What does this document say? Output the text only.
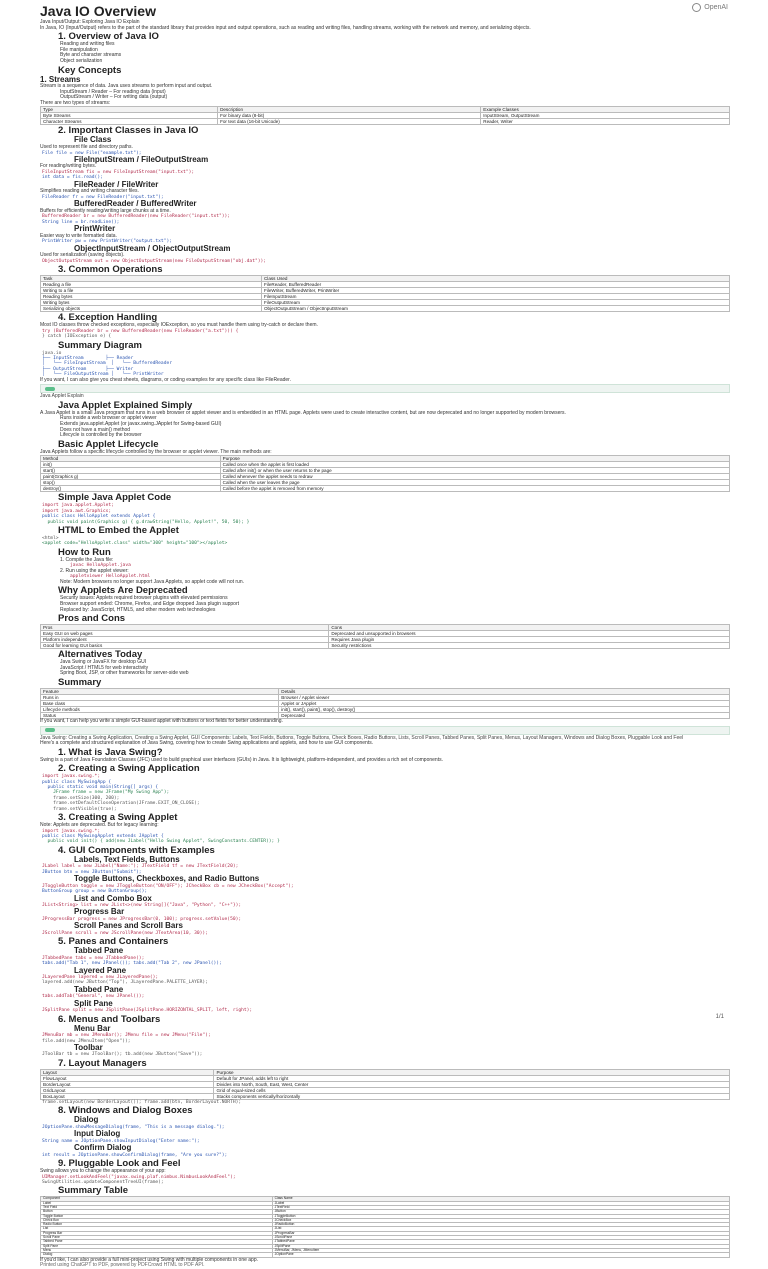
OpenAI
Java IO Overview

Java Input/Output: Exploring Java IO Explain

In Java, IO (Input/Output) refers to the part of the standard library that provides input and output operations, such as reading and writing files, handling streams, working with the network and memory, and serializing objects.

1. Overview of Java IO
Reading and writing files
File manipulation
Byte and character streams
Object serialization
Key Concepts
1. Streams

Stream is a sequence of data. Java uses streams to perform input and output.

InputStream / Reader – For reading data (input)
OutputStream / Writer – For writing data (output)

There are two types of streams:

Type	Description	Example Classes
Byte Streams	For binary data (8-bit)	InputStream, OutputStream
Character Streams	For text data (16-bit Unicode)	Reader, Writer
2. Important Classes in Java IO
File Class

Used to represent file and directory paths.

File file = new File("example.txt");
FileInputStream / FileOutputStream

For reading/writing bytes.

FileInputStream fis = new FileInputStream("input.txt");
int data = fis.read();
FileReader / FileWriter

Simplifies reading and writing character files.

FileReader fr = new FileReader("input.txt");
BufferedReader / BufferedWriter

Buffers for efficiently reading/writing large chunks at a time.

BufferedReader br = new BufferedReader(new FileReader("input.txt"));
String line = br.readLine();
PrintWriter

Easier way to write formatted data.

PrintWriter pw = new PrintWriter("output.txt");
ObjectInputStream / ObjectOutputStream

Used for serialization (saving objects).

ObjectOutputStream out = new ObjectOutputStream(new FileOutputStream("obj.dat"));
3. Common Operations
Task	Class Used
Reading a file	FileReader, BufferedReader
Writing to a file	FileWriter, BufferedWriter, PrintWriter
Reading bytes	FileInputStream
Writing bytes	FileOutputStream
Serializing objects	ObjectOutputStream / ObjectInputStream
4. Exception Handling

Most IO classes throw checked exceptions, especially IOException, so you must handle them using try-catch or declare them.

try (BufferedReader br = new BufferedReader(new FileReader("a.txt"))) {
} catch (IOException e) {
Summary Diagram
java.io
├── InputStream        ├── Reader
│   └── FileInputStream  │   └── BufferedReader
├── OutputStream       ├── Writer
│   └── FileOutputStream │   └── PrintWriter

If you want, I can also give you cheat sheets, diagrams, or coding examples for any specific class like FileReader.

Java Applet Explain

Java Applet Explained Simply

A Java Applet is a small Java program that runs in a web browser or applet viewer and is embedded in an HTML page. Applets were used to create interactive content, but are now deprecated and no longer supported by modern browsers.

Runs inside a web browser or applet viewer
Extends java.applet.Applet (or javax.swing.JApplet for Swing-based GUI)
Does not have a main() method
Lifecycle is controlled by the browser
Basic Applet Lifecycle

Java Applets follow a specific lifecycle controlled by the browser or applet viewer. The main methods are:

Method	Purpose
init()	Called once when the applet is first loaded
start()	Called after init() or when the user returns to the page
paint(Graphics g)	Called whenever the applet needs to redraw
stop()	Called when the user leaves the page
destroy()	Called before the applet is removed from memory
Simple Java Applet Code
import java.applet.Applet;
import java.awt.Graphics;
public class HelloApplet extends Applet {
public void paint(Graphics g) { g.drawString("Hello, Applet!", 50, 50); }
HTML to Embed the Applet
<html>
<applet code="HelloApplet.class" width="300" height="100"></applet>
How to Run
1. Compile the Java file:
javac HelloApplet.java
2. Run using the applet viewer:
appletviewer HelloApplet.html
Note: Modern browsers no longer support Java Applets, so applet code will not run.
Why Applets Are Deprecated
Security issues: Applets required browser plugins with elevated permissions
Browser support ended: Chrome, Firefox, and Edge dropped Java plugin support
Replaced by: JavaScript, HTML5, and other modern web technologies
Pros and Cons
Pros	Cons
Easy GUI on web pages	Deprecated and unsupported in browsers
Platform independent	Requires Java plugin
Good for learning GUI basics	Security restrictions
Alternatives Today
Java Swing or JavaFX for desktop GUI
JavaScript / HTML5 for web interactivity
Spring Boot, JSP, or other frameworks for server-side web
Summary
Feature	Details
Runs in	Browser / Applet viewer
Base class	Applet or JApplet
Lifecycle methods	init(), start(), paint(), stop(), destroy()
Status	Deprecated

If you want, I can help you write a simple GUI-based applet with buttons or text fields for better understanding.

Java Swing: Creating a Swing Application, Creating a Swing Applet, GUI Components: Labels, Text Fields, Buttons, Toggle Buttons, Check Boxes, Radio Buttons, Lists, Scroll Panes, Tabbed Panes, Split Panes, Menus, Layout Managers, Windows and Dialog Boxes, Pluggable Look and Feel

Here's a complete and structured explanation of Java Swing, covering how to create Swing applications and applets, and how to use GUI components.

1. What is Java Swing?

Swing is a part of Java Foundation Classes (JFC) used to build graphical user interfaces (GUIs) in Java. It is lightweight, platform-independent, and provides a rich set of components.

2. Creating a Swing Application
import javax.swing.*;
public class MySwingApp {
public static void main(String[] args) {
JFrame frame = new JFrame("My Swing App");
frame.setSize(300, 200);
frame.setDefaultCloseOperation(JFrame.EXIT_ON_CLOSE);
frame.setVisible(true);
3. Creating a Swing Applet

Note: Applets are deprecated. But for legacy learning:

import javax.swing.*;
public class MySwingApplet extends JApplet {
public void init() { add(new JLabel("Hello Swing Applet", SwingConstants.CENTER)); }
4. GUI Components with Examples
Labels, Text Fields, Buttons
JLabel label = new JLabel("Name:"); JTextField tf = new JTextField(20);
JButton btn = new JButton("Submit");
Toggle Buttons, Checkboxes, and Radio Buttons
JToggleButton toggle = new JToggleButton("ON/OFF"); JCheckBox cb = new JCheckBox("Accept");
ButtonGroup group = new ButtonGroup();
List and Combo Box
JList<String> list = new JList<>(new String[]{"Java", "Python", "C++"});
Progress Bar
JProgressBar progress = new JProgressBar(0, 100); progress.setValue(50);
Scroll Panes and Scroll Bars
JScrollPane scroll = new JScrollPane(new JTextArea(10, 30));
5. Panes and Containers
Tabbed Pane
JTabbedPane tabs = new JTabbedPane();
tabs.add("Tab 1", new JPanel()); tabs.add("Tab 2", new JPanel());
Layered Pane
JLayeredPane layered = new JLayeredPane();
layered.add(new JButton("Top"), JLayeredPane.PALETTE_LAYER);
Tabbed Pane
tabs.addTab("General", new JPanel());
Split Pane
JSplitPane split = new JSplitPane(JSplitPane.HORIZONTAL_SPLIT, left, right);
6. Menus and Toolbars
Menu Bar
JMenuBar mb = new JMenuBar(); JMenu file = new JMenu("File");
file.add(new JMenuItem("Open"));
Toolbar
JToolBar tb = new JToolBar(); tb.add(new JButton("Save"));
7. Layout Managers
Layout	Purpose
FlowLayout	Default for JPanel, adds left to right
BorderLayout	Divides into North, South, East, West, Center
GridLayout	Grid of equal-sized cells
BoxLayout	Stacks components vertically/horizontally
frame.setLayout(new BorderLayout()); frame.add(btn, BorderLayout.NORTH);
8. Windows and Dialog Boxes
Dialog
JOptionPane.showMessageDialog(frame, "This is a message dialog.");
Input Dialog
String name = JOptionPane.showInputDialog("Enter name:");
Confirm Dialog
int result = JOptionPane.showConfirmDialog(frame, "Are you sure?");
9. Pluggable Look and Feel

Swing allows you to change the appearance of your app:

UIManager.setLookAndFeel("javax.swing.plaf.nimbus.NimbusLookAndFeel");
SwingUtilities.updateComponentTreeUI(frame);
Summary Table
Component	Class Name
Label	JLabel
Text Field	JTextField
Button	JButton
Toggle Button	JToggleButton
Check Box	JCheckBox
Radio Button	JRadioButton
List	JList
Progress Bar	JProgressBar
Scroll Pane	JScrollPane
Tabbed Pane	JTabbedPane
Split Pane	JSplitPane
Menu	JMenuBar, JMenu, JMenuItem
Dialog	JOptionPane

If you'd like, I can also provide a full mini-project using Swing with multiple components in one app.

Printed using ChatGPT to PDF, powered by PDFCrowd HTML to PDF API.

1/1
